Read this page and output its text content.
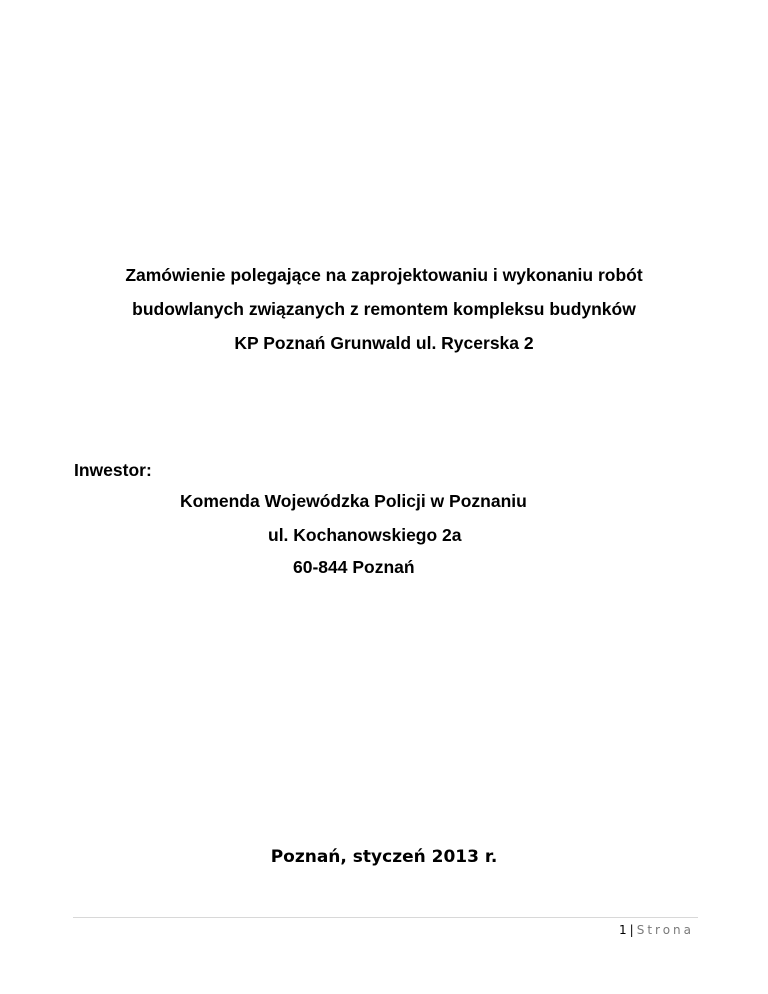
Zamówienie polegające na zaprojektowaniu i wykonaniu robót
budowlanych związanych z remontem kompleksu budynków
KP Poznań Grunwald ul. Rycerska 2
Inwestor:
Komenda Wojewódzka Policji w Poznaniu
ul. Kochanowskiego 2a
60-844 Poznań
Poznań, styczeń 2013 r.
1 | Strona
